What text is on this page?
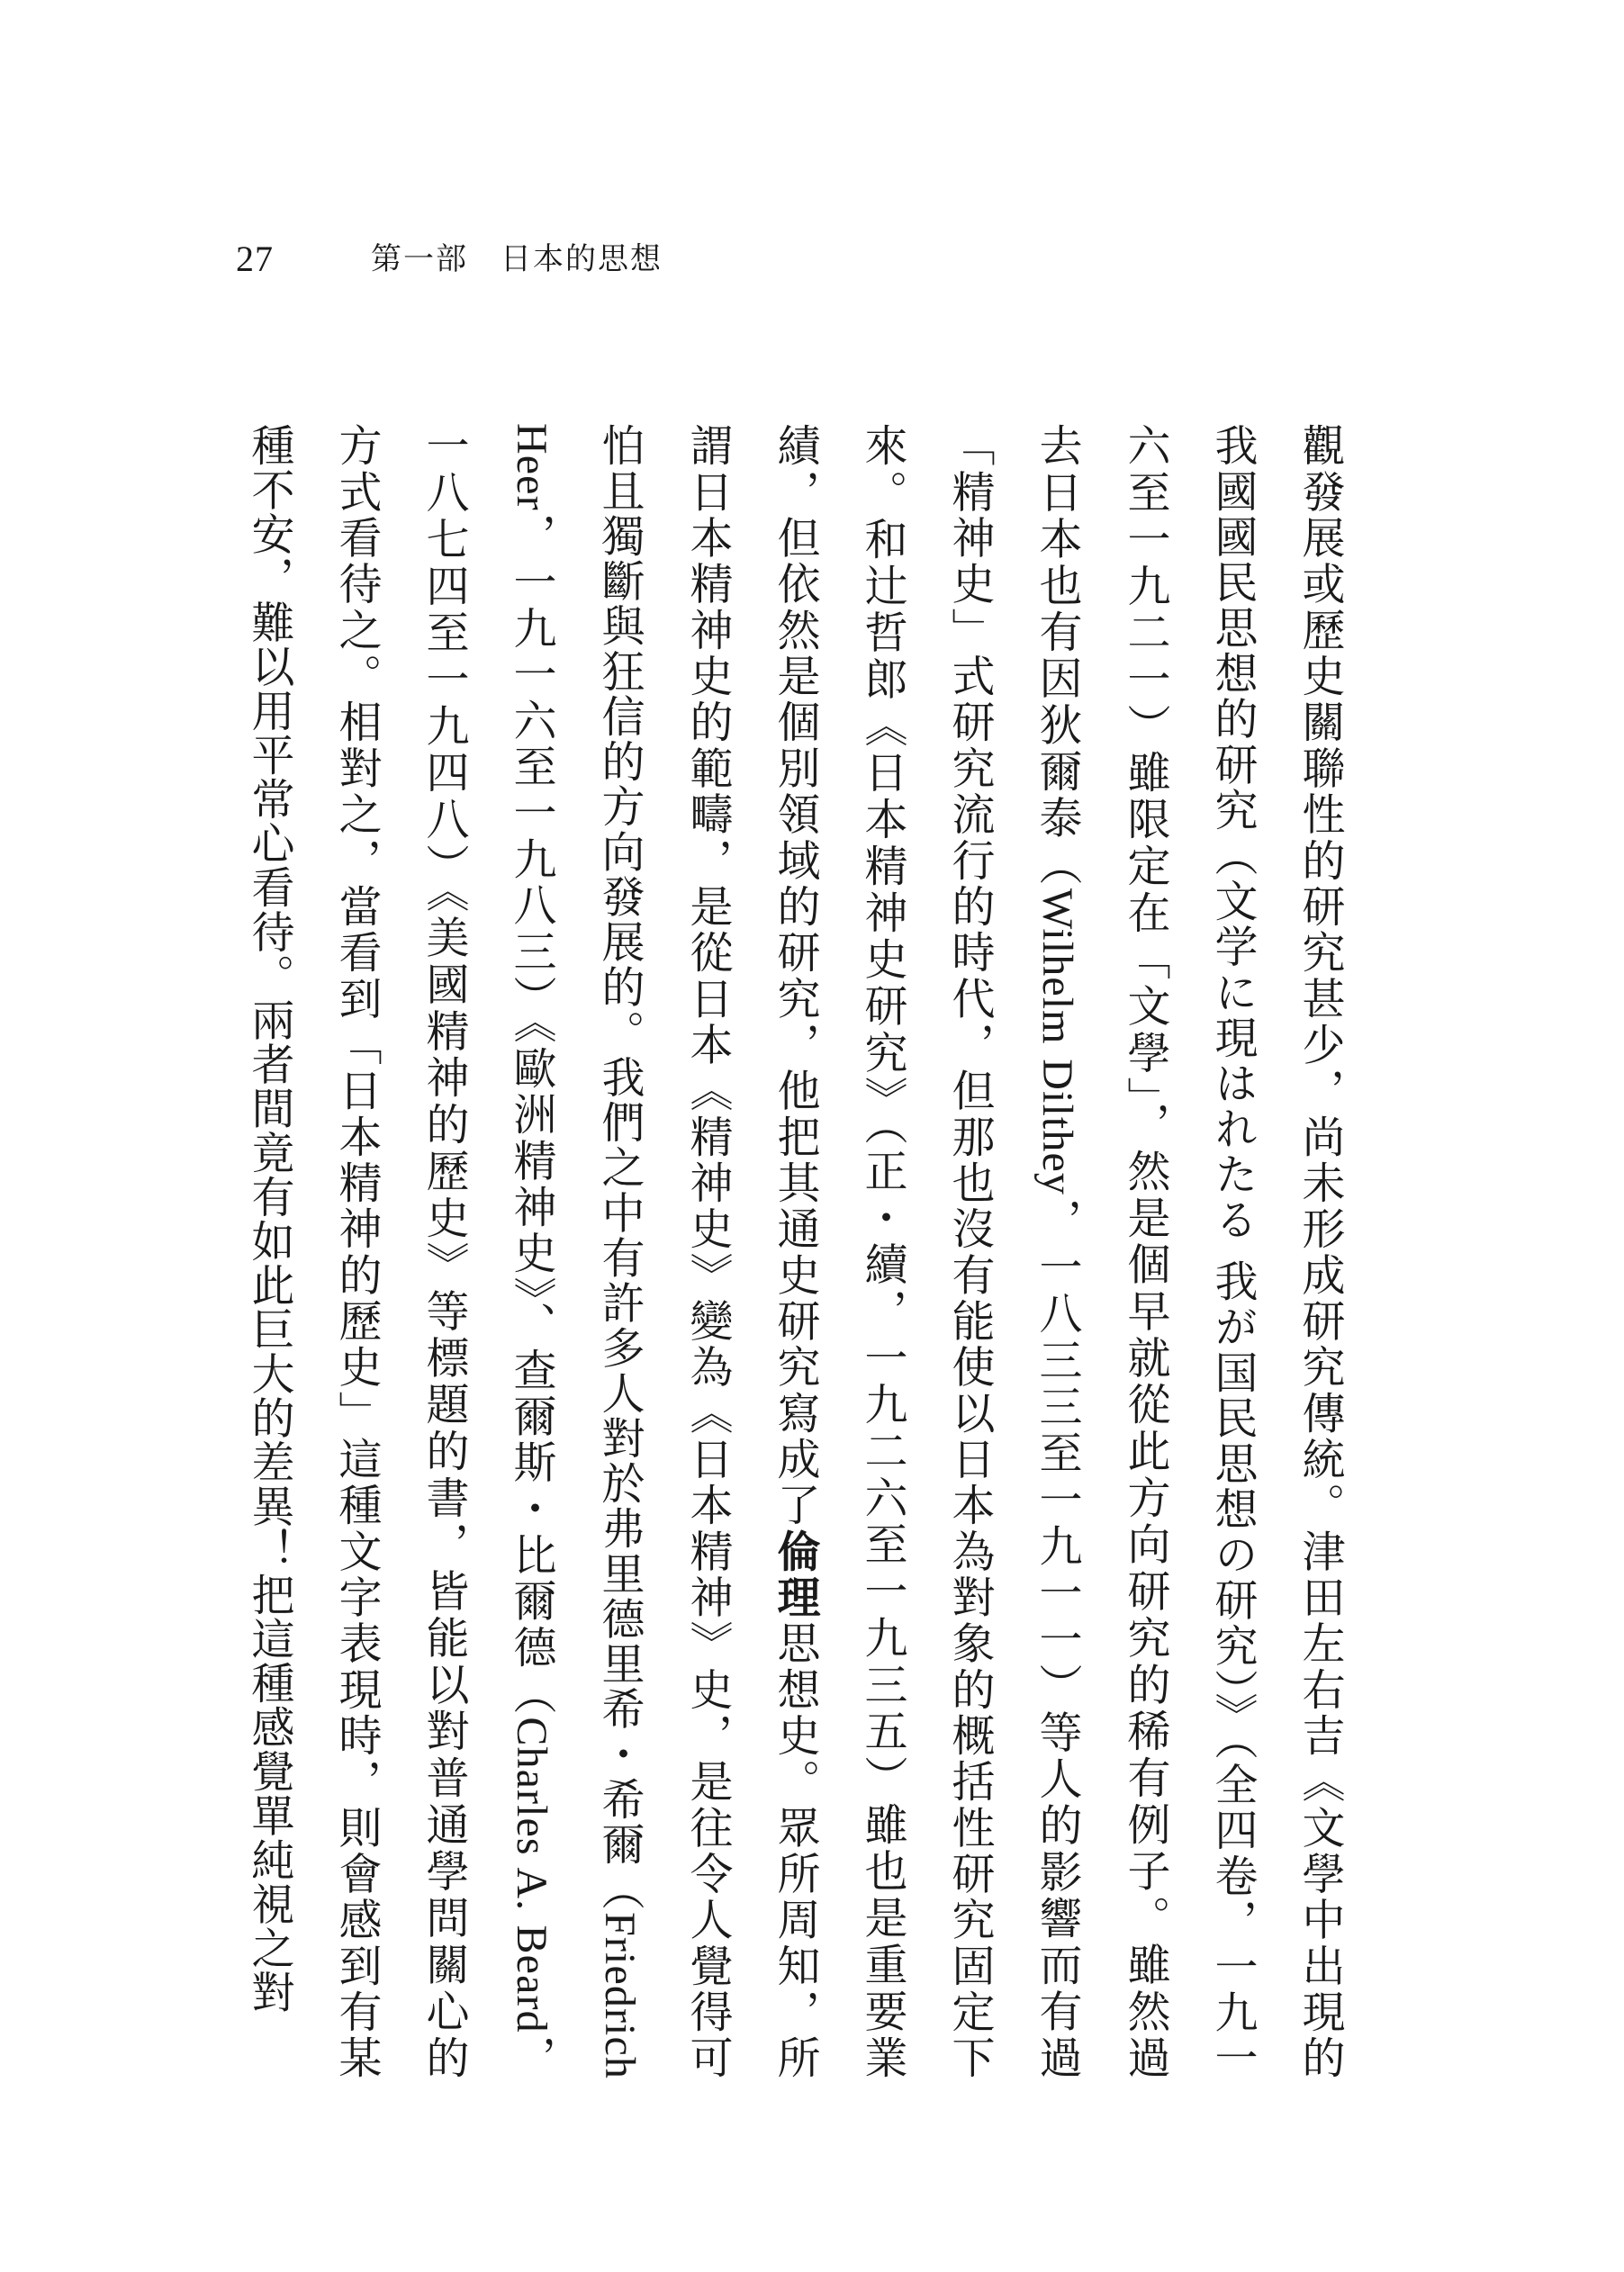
27	第一部　日本的思想
觀發展或歷史關聯性的研究甚少，尚未形成研究傳統。津田左右吉《文學中出現的
我國國民思想的研究（文学に現はれたる 我が国民思想の研究）》（全四卷，一九一
六至一九二一）雖限定在「文學」，然是個早就從此方向研究的稀有例子。雖然過
去日本也有因狄爾泰（Wilhelm Dilthey，一八三三至一九一一）等人的影響而有過
「精神史」式研究流行的時代，但那也沒有能使以日本為對象的概括性研究固定下
來。和辻哲郎《日本精神史研究》（正・續，一九二六至一九三五）雖也是重要業
績，但依然是個別領域的研究，他把其通史研究寫成了倫理思想史。眾所周知，所
謂日本精神史的範疇，是從日本《精神史》變為《日本精神》史，是往令人覺得可
怕且獨斷與狂信的方向發展的。我們之中有許多人對於弗里德里希・希爾（Friedrich
Heer，一九一六至一九八三）《歐洲精神史》、查爾斯・比爾德（Charles A. Beard，
一八七四至一九四八）《美國精神的歷史》等標題的書，皆能以對普通學問關心的
方式看待之。相對之，當看到「日本精神的歷史」這種文字表現時，則會感到有某
種不安，難以用平常心看待。兩者間竟有如此巨大的差異！把這種感覺單純視之對
